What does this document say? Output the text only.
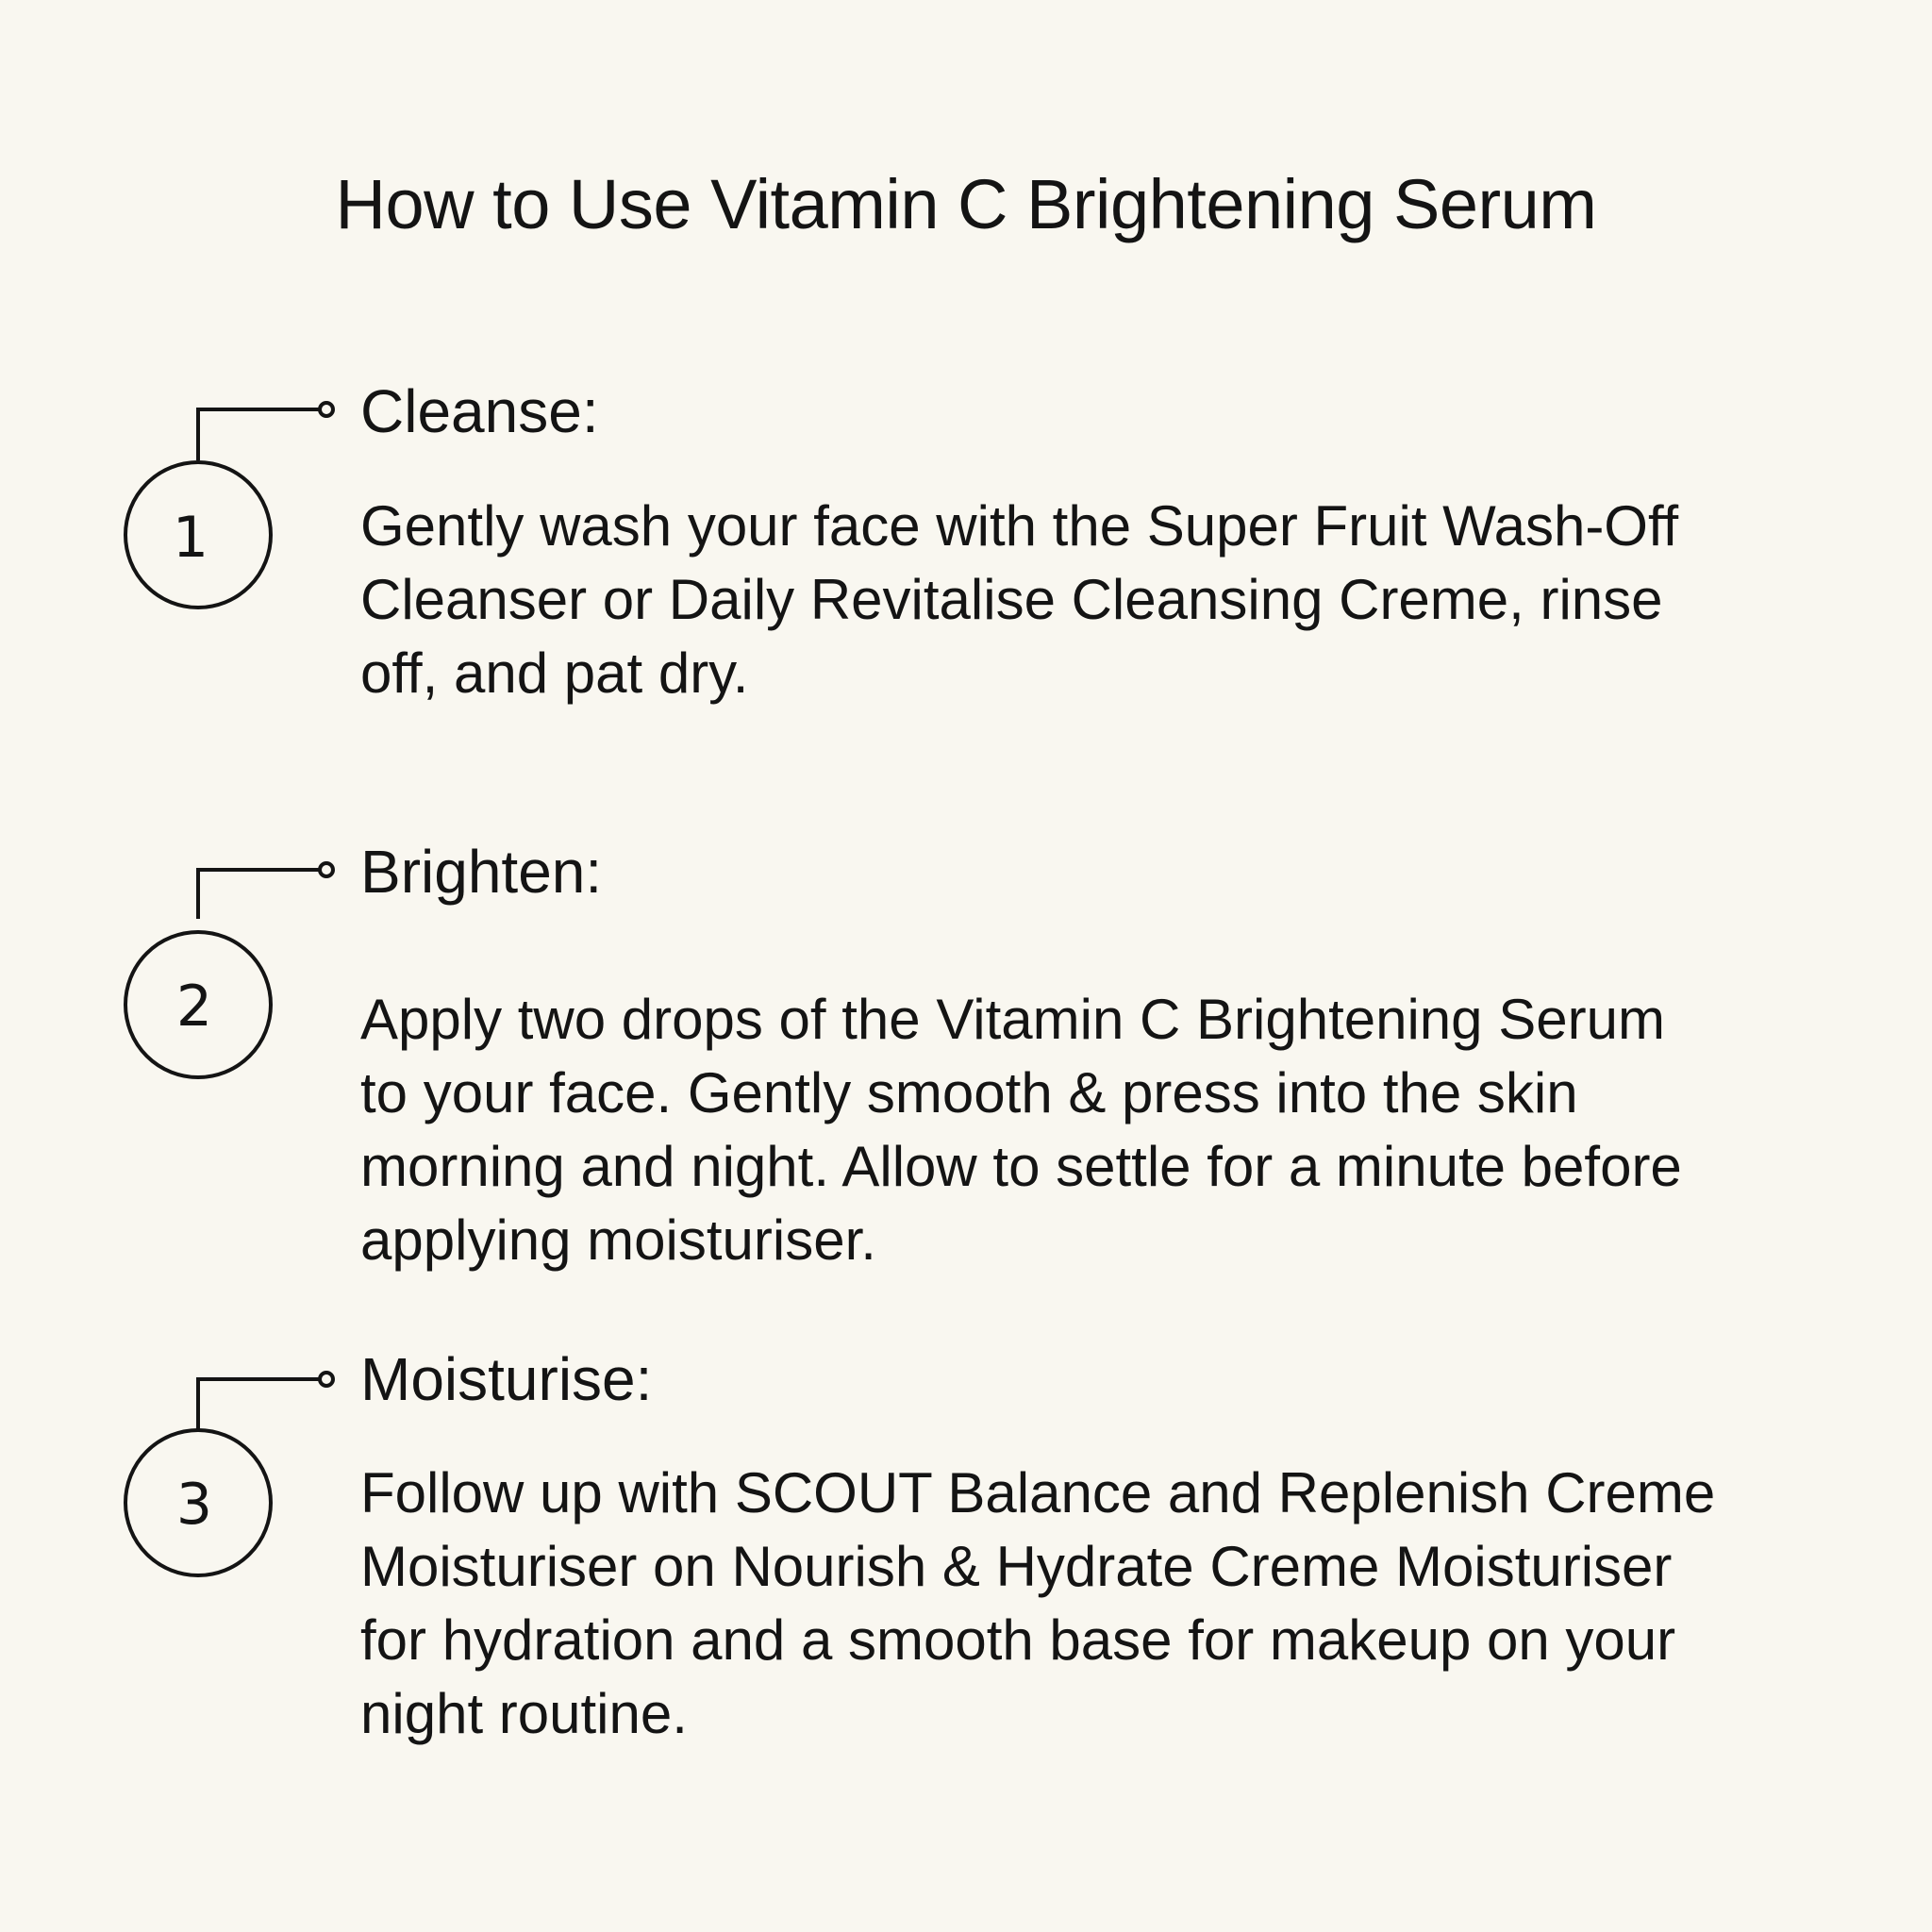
How to Use Vitamin C Brightening Serum
1
Cleanse:

Gently wash your face with the Super Fruit Wash-Off Cleanser or Daily Revitalise Cleansing Creme, rinse off, and pat dry.

2
Brighten:

Apply two drops of the Vitamin C Brightening Serum to your face. Gently smooth & press into the skin morning and night. Allow to settle for a minute before applying moisturiser.

3
Moisturise:

Follow up with SCOUT Balance and Replenish Creme Moisturiser on Nourish & Hydrate Creme Moisturiser for hydration and a smooth base for makeup on your night routine.
